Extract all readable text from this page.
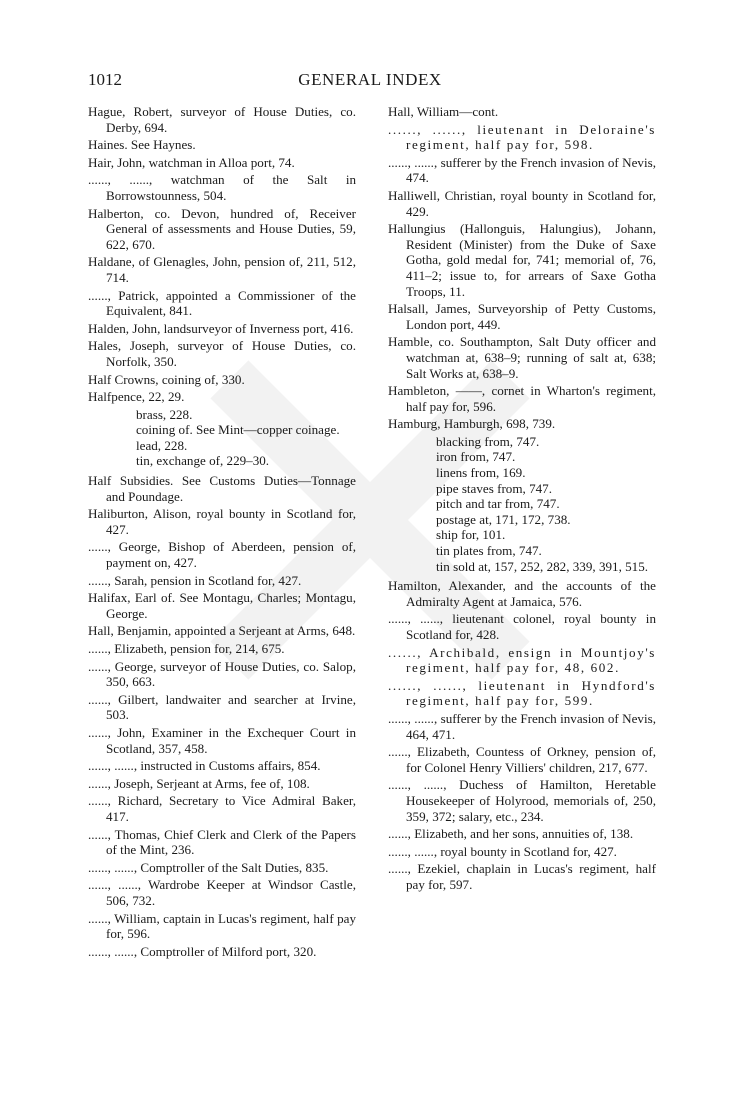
1012	GENERAL INDEX
Hague, Robert, surveyor of House Duties, co. Derby, 694.
Haines. See Haynes.
Hair, John, watchman in Alloa port, 74.
......, ......, watchman of the Salt in Borrowstounness, 504.
Halberton, co. Devon, hundred of, Receiver General of assessments and House Duties, 59, 622, 670.
Haldane, of Glenagles, John, pension of, 211, 512, 714.
......, Patrick, appointed a Commissioner of the Equivalent, 841.
Halden, John, landsurveyor of Inverness port, 416.
Hales, Joseph, surveyor of House Duties, co. Norfolk, 350.
Half Crowns, coining of, 330.
Halfpence, 22, 29.
brass, 228.
coining of. See Mint—copper coinage.
lead, 228.
tin, exchange of, 229–30.
Half Subsidies. See Customs Duties—Tonnage and Poundage.
Haliburton, Alison, royal bounty in Scotland for, 427.
......, George, Bishop of Aberdeen, pension of, payment on, 427.
......, Sarah, pension in Scotland for, 427.
Halifax, Earl of. See Montagu, Charles; Montagu, George.
Hall, Benjamin, appointed a Serjeant at Arms, 648.
......, Elizabeth, pension for, 214, 675.
......, George, surveyor of House Duties, co. Salop, 350, 663.
......, Gilbert, landwaiter and searcher at Irvine, 503.
......, John, Examiner in the Exchequer Court in Scotland, 357, 458.
......, ......, instructed in Customs affairs, 854.
......, Joseph, Serjeant at Arms, fee of, 108.
......, Richard, Secretary to Vice Admiral Baker, 417.
......, Thomas, Chief Clerk and Clerk of the Papers of the Mint, 236.
......, ......, Comptroller of the Salt Duties, 835.
......, ......, Wardrobe Keeper at Windsor Castle, 506, 732.
......, William, captain in Lucas's regiment, half pay for, 596.
......, ......, Comptroller of Milford port, 320.
Hall, William—cont.
......, ......, lieutenant in Deloraine's regiment, half pay for, 598.
......, ......, sufferer by the French invasion of Nevis, 474.
Halliwell, Christian, royal bounty in Scotland for, 429.
Hallungius (Hallonguis, Halungius), Johann, Resident (Minister) from the Duke of Saxe Gotha, gold medal for, 741; memorial of, 76, 411–2; issue to, for arrears of Saxe Gotha Troops, 11.
Halsall, James, Surveyorship of Petty Customs, London port, 449.
Hamble, co. Southampton, Salt Duty officer and watchman at, 638–9; running of salt at, 638; Salt Works at, 638–9.
Hambleton, ——, cornet in Wharton's regiment, half pay for, 596.
Hamburg, Hamburgh, 698, 739.
blacking from, 747.
iron from, 747.
linens from, 169.
pipe staves from, 747.
pitch and tar from, 747.
postage at, 171, 172, 738.
ship for, 101.
tin plates from, 747.
tin sold at, 157, 252, 282, 339, 391, 515.
Hamilton, Alexander, and the accounts of the Admiralty Agent at Jamaica, 576.
......, ......, lieutenant colonel, royal bounty in Scotland for, 428.
......, Archibald, ensign in Mountjoy's regiment, half pay for, 48, 602.
......, ......, lieutenant in Hyndford's regiment, half pay for, 599.
......, ......, sufferer by the French invasion of Nevis, 464, 471.
......, Elizabeth, Countess of Orkney, pension of, for Colonel Henry Villiers' children, 217, 677.
......, ......, Duchess of Hamilton, Heretable Housekeeper of Holyrood, memorials of, 250, 359, 372; salary, etc., 234.
......, Elizabeth, and her sons, annuities of, 138.
......, ......, royal bounty in Scotland for, 427.
......, Ezekiel, chaplain in Lucas's regiment, half pay for, 597.
